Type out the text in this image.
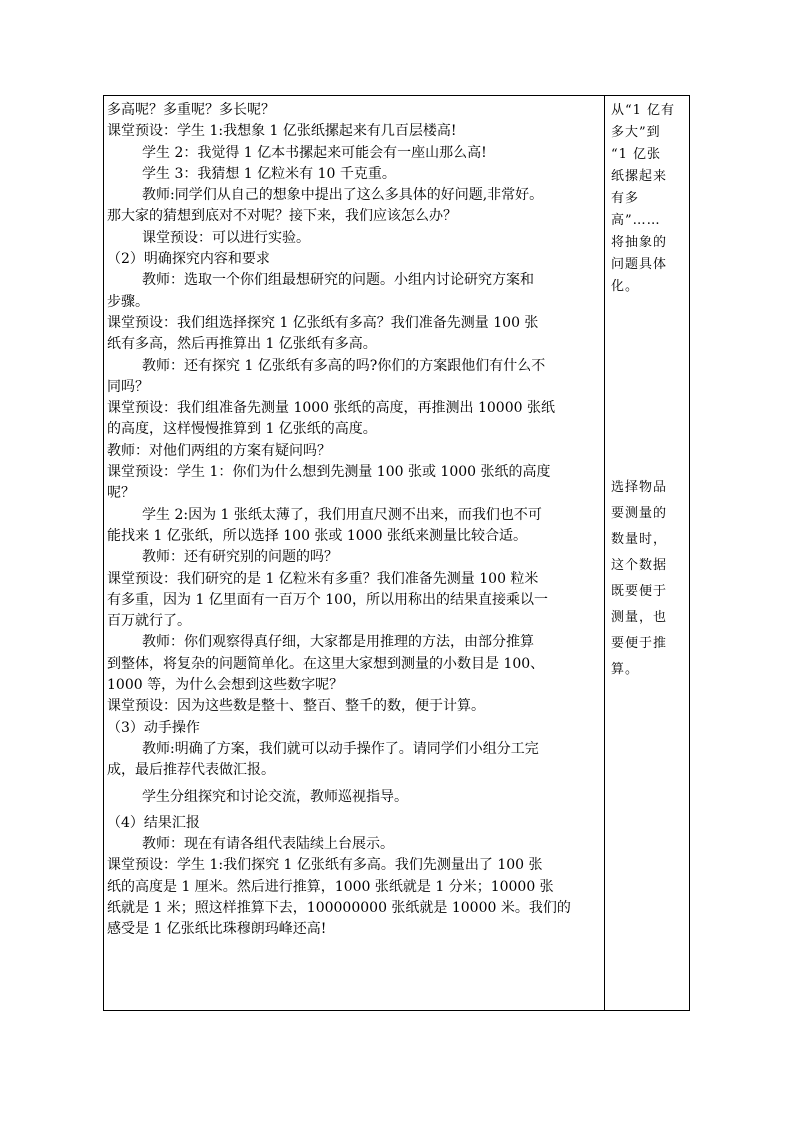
多高呢？多重呢？多长呢？
课堂预设：学生 1:我想象 1 亿张纸摞起来有几百层楼高!
学生 2：我觉得 1 亿本书摞起来可能会有一座山那么高!
学生 3：我猜想 1 亿粒米有 10 千克重。
教师:同学们从自己的想象中提出了这么多具体的好问题,非常好。
那大家的猜想到底对不对呢？接下来，我们应该怎么办？
课堂预设：可以进行实验。
（2）明确探究内容和要求
教师：选取一个你们组最想研究的问题。小组内讨论研究方案和
步骤。
课堂预设：我们组选择探究 1 亿张纸有多高？我们准备先测量 100 张
纸有多高，然后再推算出 1 亿张纸有多高。
教师：还有探究 1 亿张纸有多高的吗?你们的方案跟他们有什么不
同吗？
课堂预设：我们组准备先测量 1000 张纸的高度，再推测出 10000 张纸
的高度，这样慢慢推算到 1 亿张纸的高度。
教师：对他们两组的方案有疑问吗？
课堂预设：学生 1：你们为什么想到先测量 100 张或 1000 张纸的高度
呢？
学生 2:因为 1 张纸太薄了，我们用直尺测不出来，而我们也不可
能找来 1 亿张纸，所以选择 100 张或 1000 张纸来测量比较合适。
教师：还有研究别的问题的吗？
课堂预设：我们研究的是 1 亿粒米有多重？我们准备先测量 100 粒米
有多重，因为 1 亿里面有一百万个 100，所以用称出的结果直接乘以一
百万就行了。
教师：你们观察得真仔细，大家都是用推理的方法，由部分推算
到整体，将复杂的问题简单化。在这里大家想到测量的小数目是 100、
1000 等，为什么会想到这些数字呢？
课堂预设：因为这些数是整十、整百、整千的数，便于计算。
（3）动手操作
教师:明确了方案，我们就可以动手操作了。请同学们小组分工完
成，最后推荐代表做汇报。
学生分组探究和讨论交流，教师巡视指导。
（4）结果汇报
教师：现在有请各组代表陆续上台展示。
课堂预设：学生 1:我们探究 1 亿张纸有多高。我们先测量出了 100 张
纸的高度是 1 厘米。然后进行推算，1000 张纸就是 1 分米；10000 张
纸就是 1 米；照这样推算下去，100000000 张纸就是 10000 米。我们的
感受是 1 亿张纸比珠穆朗玛峰还高!
从“1 亿有
多大”到
“1 亿张
纸摞起来
有多
高”……
将抽象的
问题具体
化。
选择物品
要测量的
数量时，
这个数据
既要便于
测量，也
要便于推
算。
